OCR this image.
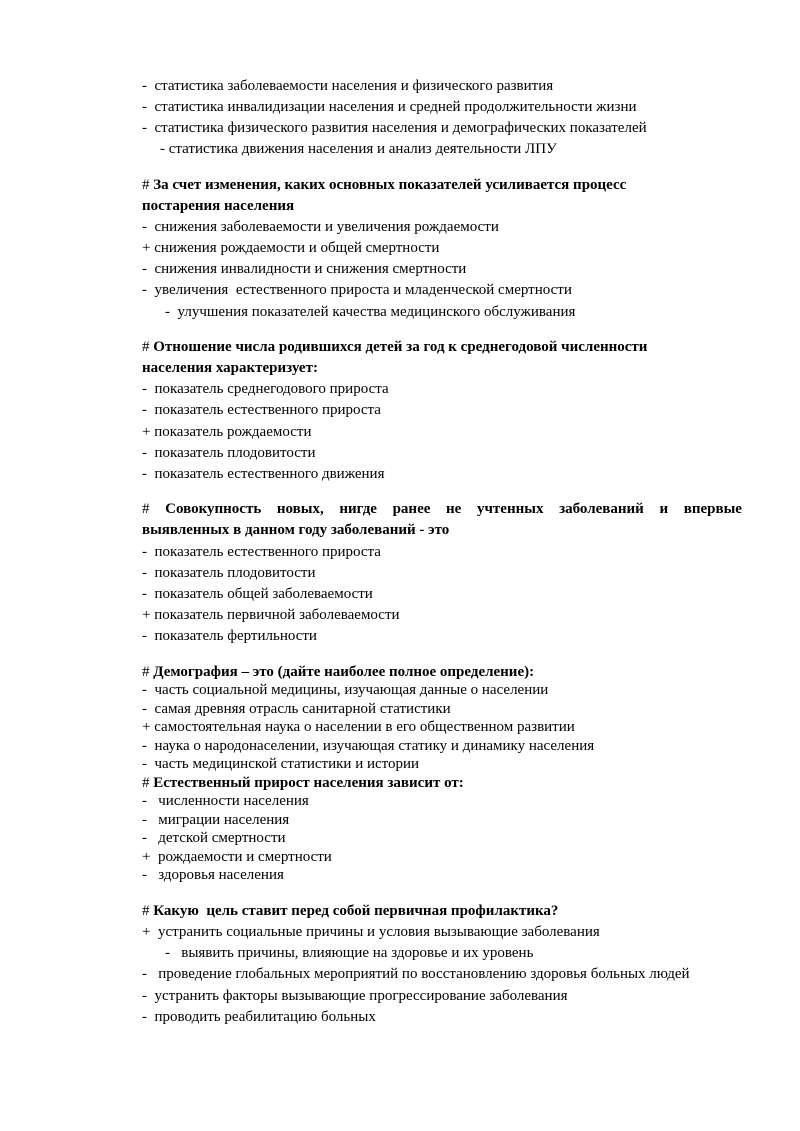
-  статистика заболеваемости населения и физического развития
-  статистика инвалидизации населения и средней продолжительности жизни
-  статистика физического развития населения и демографических показателей
- статистика движения населения и анализ деятельности ЛПУ
# За счет изменения, каких основных показателей усиливается процесс
постарения населения
-  снижения заболеваемости и увеличения рождаемости
+ снижения рождаемости и общей смертности
-  снижения инвалидности и снижения смертности
-  увеличения  естественного прироста и младенческой смертности
-  улучшения показателей качества медицинского обслуживания
# Отношение числа родившихся детей за год к среднегодовой численности
населения характеризует:
-  показатель среднегодового прироста
-  показатель естественного прироста
+ показатель рождаемости
-  показатель плодовитости
-  показатель естественного движения
# Совокупность новых, нигде ранее не учтенных заболеваний и впервые
выявленных в данном году заболеваний - это
-  показатель естественного прироста
-  показатель плодовитости
-  показатель общей заболеваемости
+ показатель первичной заболеваемости
-  показатель фертильности
# Демография – это (дайте наиболее полное определение):
-  часть социальной медицины, изучающая данные о населении
-  самая древняя отрасль санитарной статистики
+ самостоятельная наука о населении в его общественном развитии
-  наука о народонаселении, изучающая статику и динамику населения
-  часть медицинской статистики и истории
# Естественный прирост населения зависит от:
-   численности населения
-   миграции населения
-   детской смертности
+  рождаемости и смертности
-   здоровья населения
# Какую  цель ставит перед собой первичная профилактика?
+  устранить социальные причины и условия вызывающие заболевания
-   выявить причины, влияющие на здоровье и их уровень
-   проведение глобальных мероприятий по восстановлению здоровья больных людей
-  устранить факторы вызывающие прогрессирование заболевания
-  проводить реабилитацию больных
